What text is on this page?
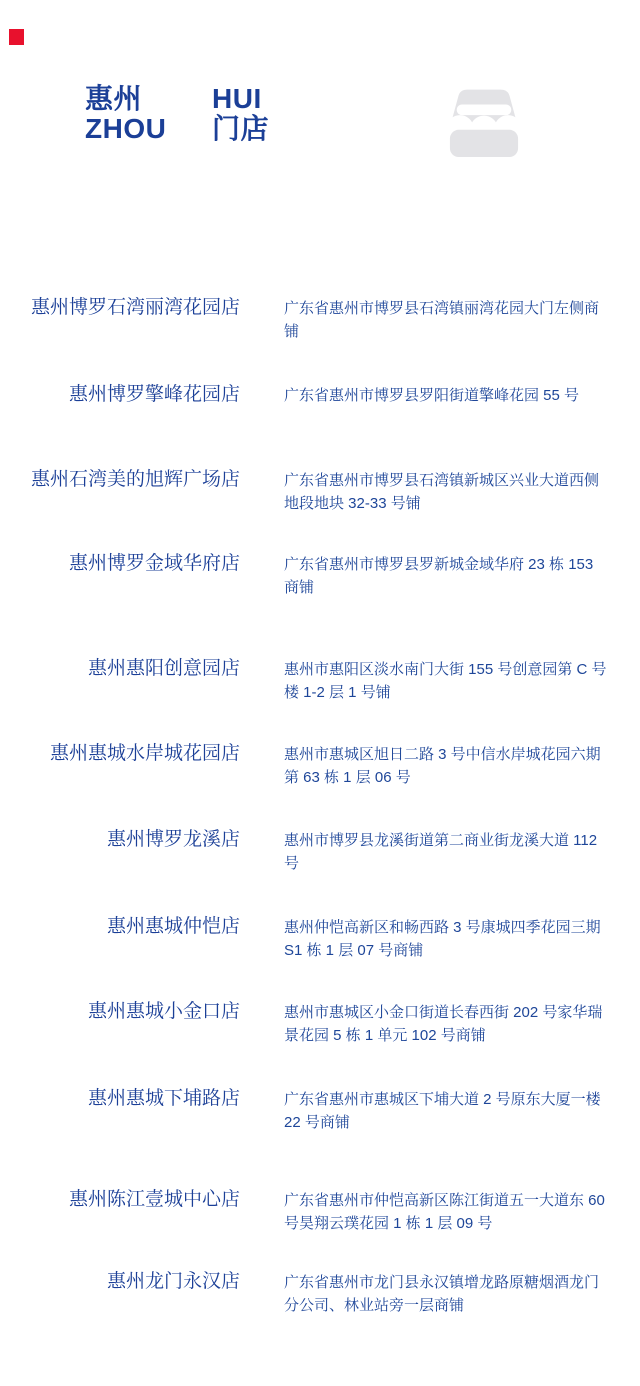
惠州	HUI
ZHOU	门店
惠州博罗石湾丽湾花园店	广东省惠州市博罗县石湾镇丽湾花园大门左侧商铺
惠州博罗擎峰花园店	广东省惠州市博罗县罗阳街道擎峰花园 55 号
惠州石湾美的旭辉广场店	广东省惠州市博罗县石湾镇新城区兴业大道西侧地段地块 32-33 号铺
惠州博罗金域华府店	广东省惠州市博罗县罗新城金域华府 23 栋 153 商铺
惠州惠阳创意园店	惠州市惠阳区淡水南门大街 155 号创意园第 C 号楼 1-2 层 1 号铺
惠州惠城水岸城花园店	惠州市惠城区旭日二路 3 号中信水岸城花园六期第 63 栋 1 层 06 号
惠州博罗龙溪店	惠州市博罗县龙溪街道第二商业街龙溪大道 112 号
惠州惠城仲恺店	惠州仲恺高新区和畅西路 3 号康城四季花园三期 S1 栋 1 层 07 号商铺
惠州惠城小金口店	惠州市惠城区小金口街道长春西街 202 号家华瑞景花园 5 栋 1 单元 102 号商铺
惠州惠城下埔路店	广东省惠州市惠城区下埔大道 2 号原东大厦一楼 22 号商铺
惠州陈江壹城中心店	广东省惠州市仲恺高新区陈江街道五一大道东 60 号昊翔云璞花园 1 栋 1 层 09 号
惠州龙门永汉店	广东省惠州市龙门县永汉镇增龙路原糖烟酒龙门分公司、林业站旁一层商铺
